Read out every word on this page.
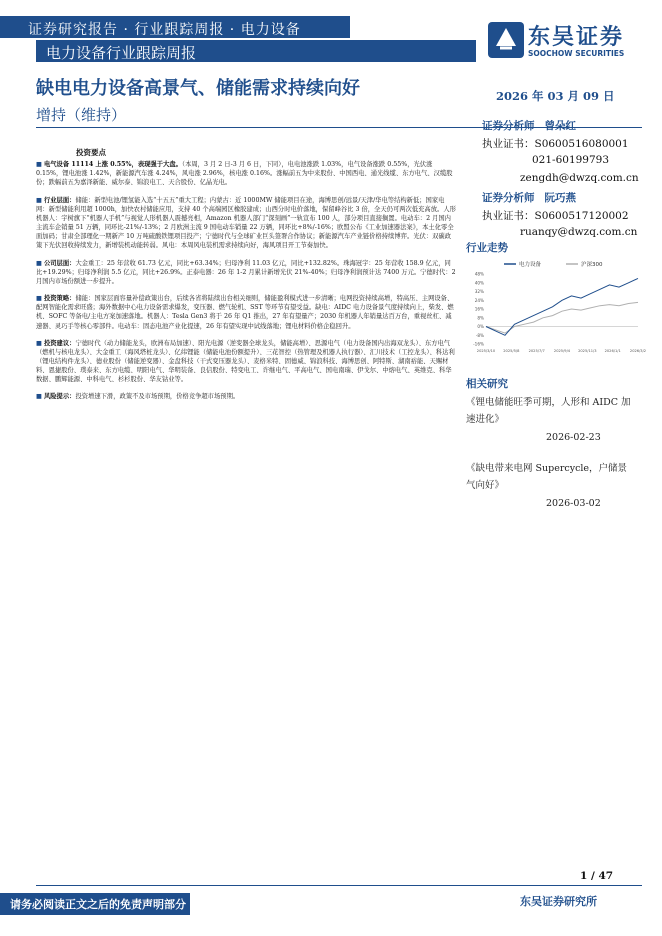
证券研究报告 · 行业跟踪周报 · 电力设备
电力设备行业跟踪周报
东吴证券
SOOCHOW SECURITIES
缺电电力设备高景气、储能需求持续向好
增持（维持）
2026 年 03 月 09 日
证券分析师 曾朵红
执业证书：S0600516080001
021-60199793
zengdh@dwzq.com.cn
证券分析师 阮巧燕
执业证书：S0600517120002
ruanqy@dwzq.com.cn
投资要点
■ 电气设备 11114 上涨 0.55%，表现强于大盘。（本周，3 月 2 日-3 月 6 日，下同），电电池涨跌 1.03%，电气设备涨跌 0.55%，光伏涨 0.15%，锂电池涨 1.42%，新能源汽车涨 4.24%，风电涨 2.96%，核电涨 0.16%。涨幅前五为中来股份、中国西电、通光线缆、东方电气、汉缆股份；跌幅前五为嘉泽新能、威尔泰、锦浪电工、天合股份、亿晶光电。
■ 行业层面：储能：新型电池/锂氢能入选“十五五”重大工程；内蒙古：近 1000MW 储能项目在途，海博思创/远景/天津/华电等结构新低；国家电网：新型储能利用超 1000h，加快农村储能应用，支持 40 个高端园区橡胶建成；山西分时电价落地，保留峰谷比 3 倍，全天仍可两次低充高放。人形机器人：宇树旗下“机器人手机”与视觉人形机器人震撼亮相，Amazon 机器人部门“深刻画”一轨宣布 100 人，部分项目直接搁置。电动车：2 月国内主流车企销量 51 万辆，同环比-21%/-13%；2 月欧洲主流 9 国电动车销量 22 万辆，同环比+8%/-16%；欧盟公布《工业加速器法案》，本土化零全面加码；甘肃全部理化一期新产 10 万吨硫酸铁锂项目投产；宁德时代与全球矿业巨头签署合作协议；新能源汽车产业链价格持续博弈。光伏：双碳政策下光伏回收持续发力，新增装机动能转弱。风电：本周风电装机需求持续向好，海风项目开工节奏加快。
■ 公司层面：大金重工：25 年营收 61.73 亿元，同比+63.34%；归母净利 11.03 亿元，同比+132.82%。珠海冠宇：25 年营收 158.9 亿元，同比+19.29%；归母净利润 5.5 亿元，同比+26.9%。正泰电器：26 年 1-2 月累计新增光伏 21%-40%；归母净利润预计达 7400 万元。宁德时代：2 月国内市场份额进一步提升。
■ 投资策略：储能：国家层面容量补偿政策出台，后续各省将陆续出台相关细则，储能盈利模式进一步清晰；电网投资持续高增，特高压、主网设备、配网智能化需求旺盛；海外数据中心电力设备需求爆发，变压器、燃气轮机、SST 等环节有望受益。缺电：AIDC 电力设备景气度持续向上，柴发、燃机、SOFC 等备电/主电方案加速落地。机器人：Tesla Gen3 将于 26 年 Q1 推出，27 年有望量产；2030 年机器人年销量达百万台，重视丝杠、减速器、灵巧手等核心零部件。电动车：固态电池产业化提速，26 年有望实现中试线落地；锂电材料价格企稳回升。
■ 投资建议：宁德时代（动力储能龙头，欧洲布局加速）、阳光电源（逆变器全球龙头，储能高增）、思源电气（电力设备国内出海双龙头）、东方电气（燃机与核电龙头）、大金重工（海风塔桩龙头）、亿纬锂能（储能电池份额提升）、三花智控（热管理及机器人执行器）、汇川技术（工控龙头）、科达利（锂电结构件龙头）、德业股份（储能逆变器）、金盘科技（干式变压器龙头）、麦格米特、固德威、锦浪科技、海博思创、阿特斯、湖南裕能、天赐材料、恩捷股份、璞泰来、东方电缆、明阳电气、华明装备、良信股份、特变电工、许继电气、平高电气、国电南瑞、伊戈尔、中熔电气、英维克、科华数据、鹏辉能源、中科电气、杉杉股份、华友钴业等。
■ 风险提示：投资增速下滑，政策不及市场预期，价格竞争超市场预期。
行业走势
电力设备	沪深300
48%
40%
32%
24%
16%
8%
0%
-8%
-16%
2025/3/10 2025/5/8	2025/7/7	2025/9/4 2025/11/3 2026/1/1	2026/3/2
相关研究
《锂电储能旺季可期，人形和 AIDC 加速进化》
2026-02-23
《缺电带来电网 Supercycle，户储景气向好》
2026-03-02
1 / 47
东吴证券研究所
请务必阅读正文之后的免责声明部分
